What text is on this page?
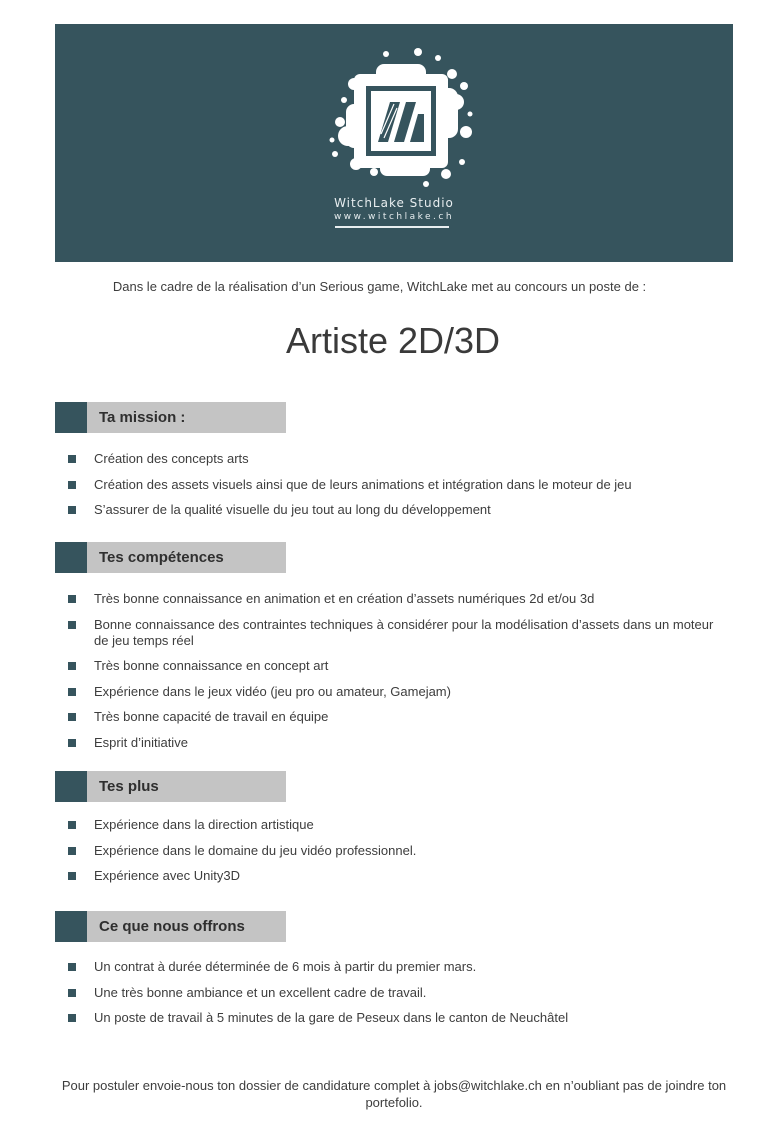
WitchLake Studio
www.witchlake.ch
Dans le cadre de la réalisation d’un Serious game, WitchLake met au concours un poste de :
Artiste 2D/3D
Ta mission :
Création des concepts arts
Création des assets visuels ainsi que de leurs animations et intégration dans le moteur de jeu
S’assurer de la qualité visuelle du jeu tout au long du développement
Tes compétences
Très bonne connaissance en animation et en création d’assets numériques 2d et/ou 3d
Bonne connaissance des contraintes techniques à considérer pour la modélisation d’assets dans un moteur de jeu temps réel
Très bonne connaissance en concept art
Expérience dans le jeux vidéo (jeu pro ou amateur, Gamejam)
Très bonne capacité de travail en équipe
Esprit d’initiative
Tes plus
Expérience dans la direction artistique
Expérience dans le domaine du jeu vidéo professionnel.
Expérience avec Unity3D
Ce que nous offrons
Un contrat à durée déterminée de 6 mois à partir du premier mars.
Une très bonne ambiance et un excellent cadre de travail.
Un poste de travail à 5 minutes de la gare de Peseux dans le canton de Neuchâtel
Pour postuler envoie-nous ton dossier de candidature complet à jobs@witchlake.ch en n’oubliant pas de joindre ton portefolio.
